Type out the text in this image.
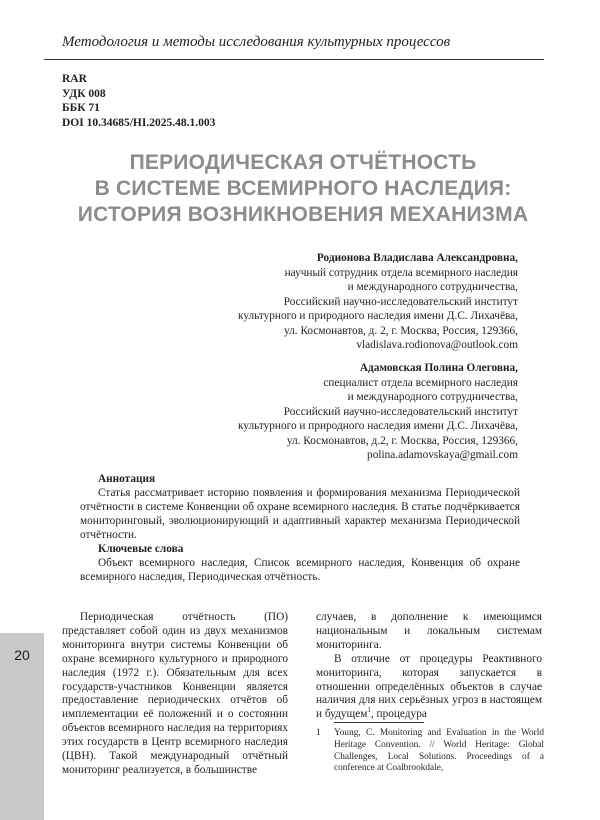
Методология и методы исследования культурных процессов
RAR
УДК 008
ББК 71
DOI 10.34685/HI.2025.48.1.003
ПЕРИОДИЧЕСКАЯ ОТЧЁТНОСТЬ
В СИСТЕМЕ ВСЕМИРНОГО НАСЛЕДИЯ:
ИСТОРИЯ ВОЗНИКНОВЕНИЯ МЕХАНИЗМА
Родионова Владислава Александровна,
научный сотрудник отдела всемирного наследия
и международного сотрудничества,
Российский научно-исследовательский институт
культурного и природного наследия имени Д.С. Лихачёва,
ул. Космонавтов, д. 2, г. Москва, Россия, 129366,
vladislava.rodionova@outlook.com
Адамовская Полина Олеговна,
специалист отдела всемирного наследия
и международного сотрудничества,
Российский научно-исследовательский институт
культурного и природного наследия имени Д.С. Лихачёва,
ул. Космонавтов, д.2, г. Москва, Россия, 129366,
polina.adamovskaya@gmail.com
Аннотация

Статья рассматривает историю появления и формирования механизма Периодической отчётности в системе Конвенции об охране всемирного наследия. В статье подчёркивается мониторинговый, эволюционирующий и адаптивный характер механизма Периодической отчётности.

Ключевые слова

Объект всемирного наследия, Список всемирного наследия, Конвенция об охране всемирного наследия, Периодическая отчётность.

Периодическая отчётность (ПО) представляет собой один из двух механизмов мониторинга внутри системы Конвенции об охране всемирного культурного и природного наследия (1972 г.). Обязательным для всех государств-участников Конвенции является предоставление периодических отчётов об имплементации её положений и о состоянии объектов всемирного наследия на территориях этих государств в Центр всемирного наследия (ЦВН). Такой международный отчётный мониторинг реализуется, в большинстве

случаев, в дополнение к имеющимся национальным и локальным системам мониторинга.

В отличие от процедуры Реактивного мониторинга, которая запускается в отношении определённых объектов в случае наличия для них серьёзных угроз в настоящем и будущем$^1$, процедура

20
1 Young, C. Monitoring and Evaluation in the World Heritage Convention. // World Heritage: Global Challenges, Local Solutions. Proceedings of a conference at Coalbrookdale,
